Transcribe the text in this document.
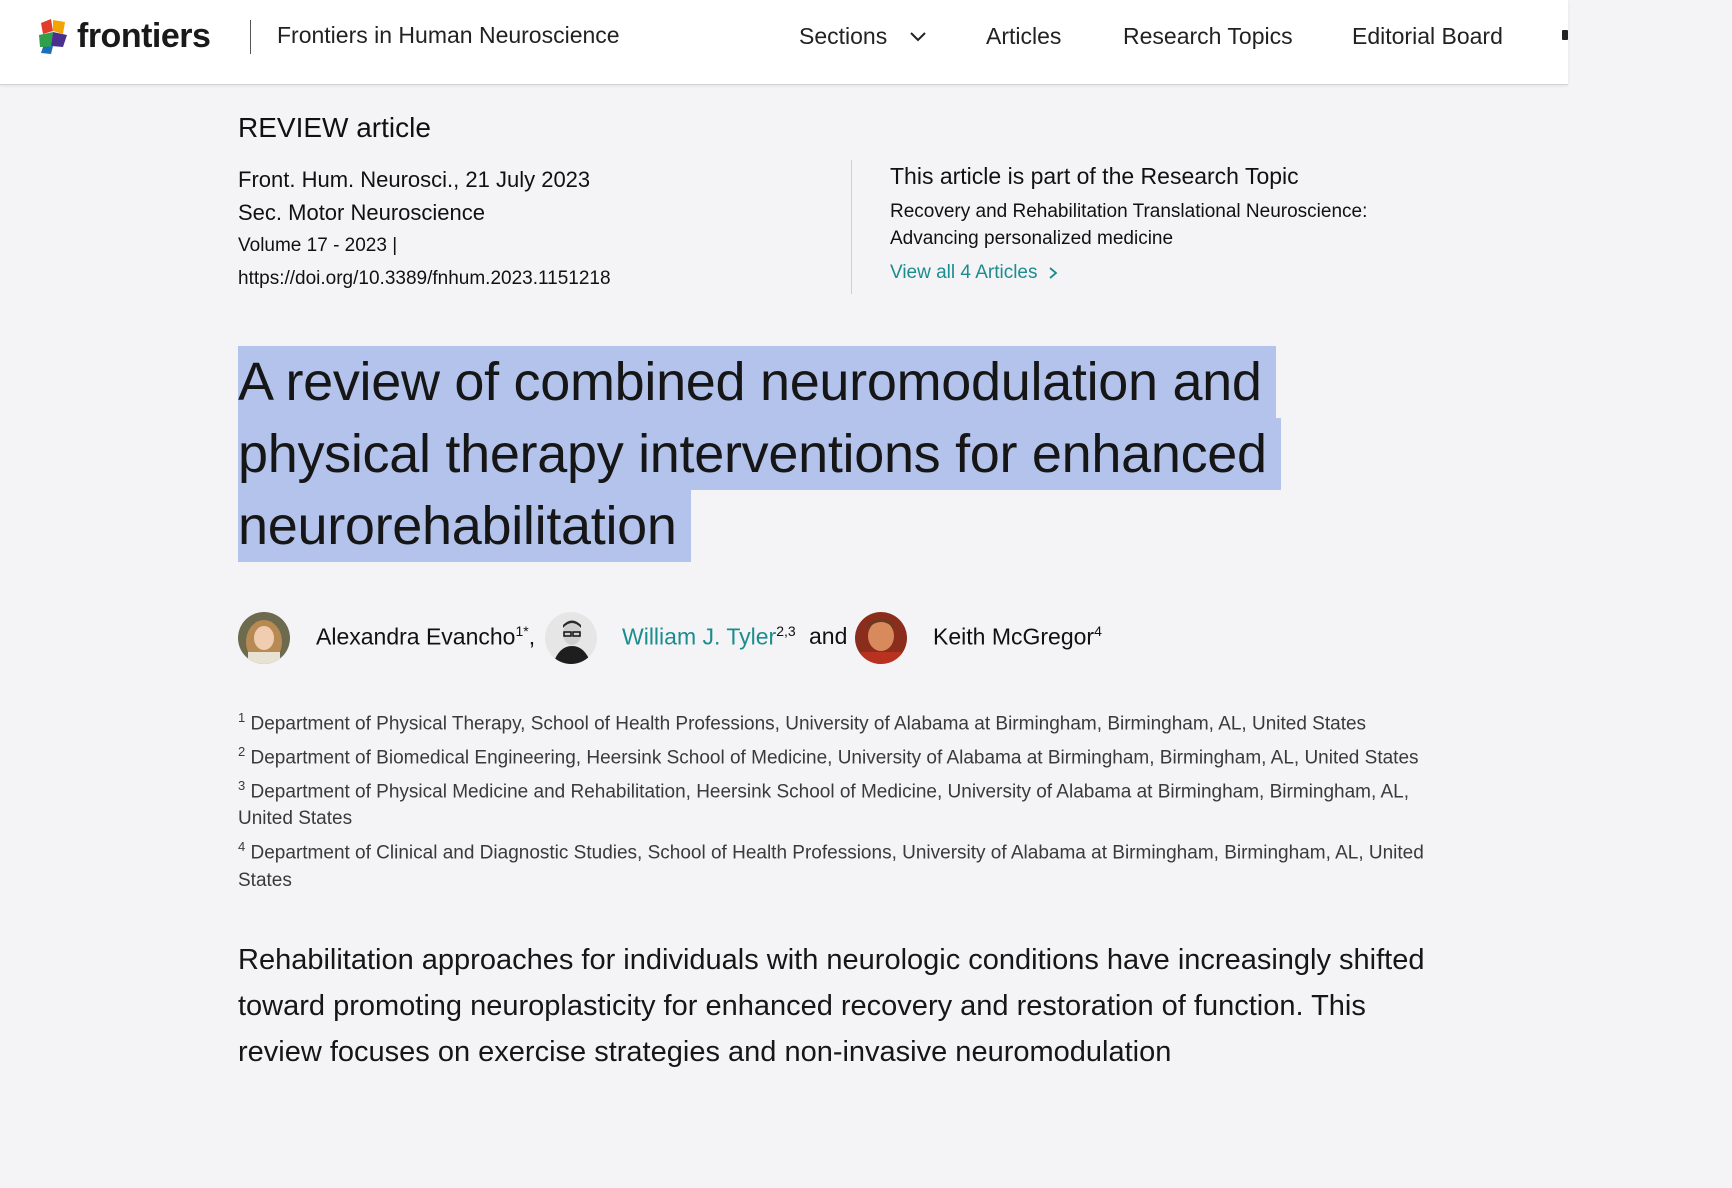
frontiers	Frontiers in Human Neuroscience	Sections	Articles	Research Topics	Editorial Board
REVIEW article
Front. Hum. Neurosci., 21 July 2023
Sec. Motor Neuroscience
Volume 17 - 2023 |
https://doi.org/10.3389/fnhum.2023.1151218
This article is part of the Research Topic
Recovery and Rehabilitation Translational Neuroscience: Advancing personalized medicine
View all 4 Articles
A review of combined neuromodulation and
physical therapy interventions for enhanced
neurorehabilitation
Alexandra Evancho$^{1*}$,	William J. Tyler$^{2,3}$ and	Keith McGregor$^4$
$^1$ Department of Physical Therapy, School of Health Professions, University of Alabama at Birmingham, Birmingham, AL, United States
$^2$ Department of Biomedical Engineering, Heersink School of Medicine, University of Alabama at Birmingham, Birmingham, AL, United States
$^3$ Department of Physical Medicine and Rehabilitation, Heersink School of Medicine, University of Alabama at Birmingham, Birmingham, AL, United States
$^4$ Department of Clinical and Diagnostic Studies, School of Health Professions, University of Alabama at Birmingham, Birmingham, AL, United States

Rehabilitation approaches for individuals with neurologic conditions have increasingly shifted toward promoting neuroplasticity for enhanced recovery and restoration of function. This review focuses on exercise strategies and non-invasive neuromodulation
